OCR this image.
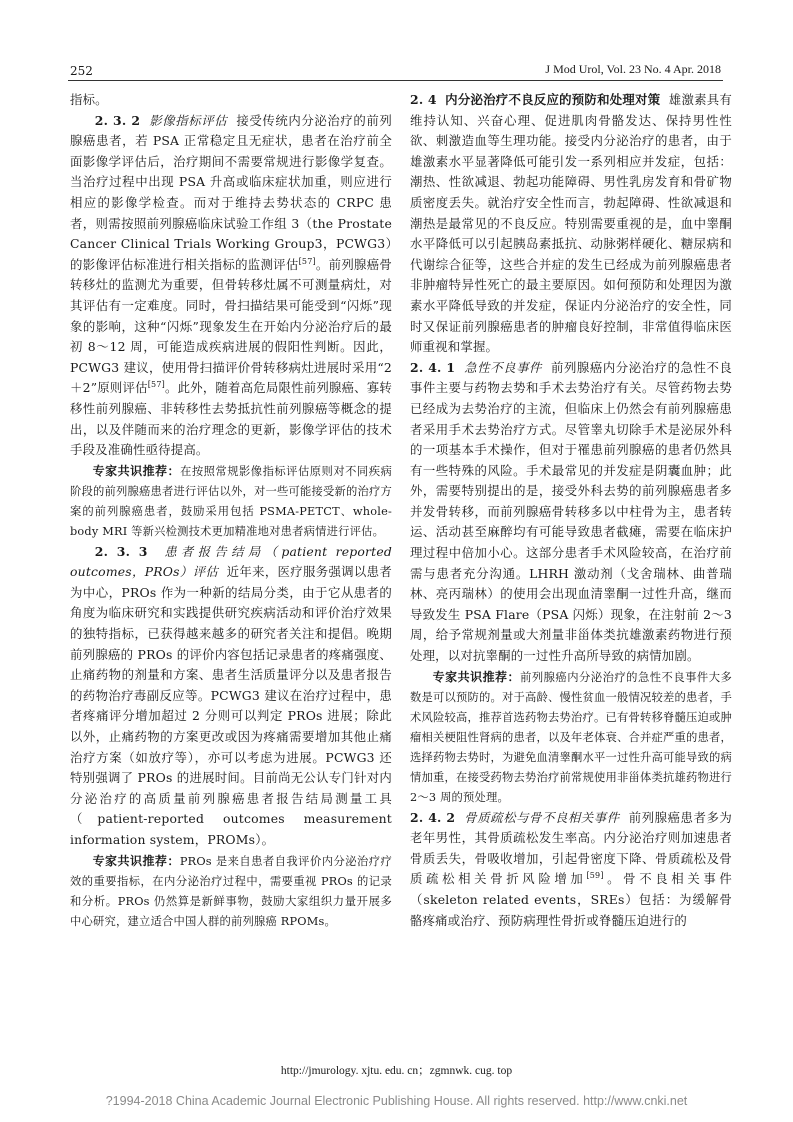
252	J Mod Urol, Vol. 23 No. 4 Apr. 2018

指标。

2. 3. 2 影像指标评估 接受传统内分泌治疗的前列腺癌患者，若 PSA 正常稳定且无症状，患者在治疗前全面影像学评估后，治疗期间不需要常规进行影像学复查。当治疗过程中出现 PSA 升高或临床症状加重，则应进行相应的影像学检查。而对于维持去势状态的 CRPC 患者，则需按照前列腺癌临床试验工作组 3（the Prostate Cancer Clinical Trials Working Group3，PCWG3）的影像评估标准进行相关指标的监测评估[57]。前列腺癌骨转移灶的监测尤为重要，但骨转移灶属不可测量病灶，对其评估有一定难度。同时，骨扫描结果可能受到“闪烁”现象的影响，这种“闪烁”现象发生在开始内分泌治疗后的最初 8～12 周，可能造成疾病进展的假阳性判断。因此，PCWG3 建议，使用骨扫描评价骨转移病灶进展时采用“2＋2”原则评估[57]。此外，随着高危局限性前列腺癌、寡转移性前列腺癌、非转移性去势抵抗性前列腺癌等概念的提出，以及伴随而来的治疗理念的更新，影像学评估的技术手段及准确性亟待提高。

专家共识推荐：在按照常规影像指标评估原则对不同疾病阶段的前列腺癌患者进行评估以外，对一些可能接受新的治疗方案的前列腺癌患者，鼓励采用包括 PSMA-PETCT、whole-body MRI 等新兴检测技术更加精准地对患者病情进行评估。

2. 3. 3 患者报告结局（patient reported outcomes，PROs）评估 近年来，医疗服务强调以患者为中心，PROs 作为一种新的结局分类，由于它从患者的角度为临床研究和实践提供研究疾病活动和评价治疗效果的独特指标，已获得越来越多的研究者关注和提倡。晚期前列腺癌的 PROs 的评价内容包括记录患者的疼痛强度、止痛药物的剂量和方案、患者生活质量评分以及患者报告的药物治疗毒副反应等。PCWG3 建议在治疗过程中，患者疼痛评分增加超过 2 分则可以判定 PROs 进展；除此以外，止痛药物的方案更改或因为疼痛需要增加其他止痛治疗方案（如放疗等），亦可以考虑为进展。PCWG3 还特别强调了 PROs 的进展时间。目前尚无公认专门针对内分泌治疗的高质量前列腺癌患者报告结局测量工具（patient-reported outcomes measurement information system，PROMs）。

专家共识推荐：PROs 是来自患者自我评价内分泌治疗疗效的重要指标，在内分泌治疗过程中，需要重视 PROs 的记录和分析。PROs 仍然算是新鲜事物，鼓励大家组织力量开展多中心研究，建立适合中国人群的前列腺癌 RPOMs。

2. 4 内分泌治疗不良反应的预防和处理对策 雄激素具有维持认知、兴奋心理、促进肌肉骨骼发达、保持男性性欲、刺激造血等生理功能。接受内分泌治疗的患者，由于雄激素水平显著降低可能引发一系列相应并发症，包括：潮热、性欲减退、勃起功能障碍、男性乳房发育和骨矿物质密度丢失。就治疗安全性而言，勃起障碍、性欲减退和潮热是最常见的不良反应。特别需要重视的是，血中睾酮水平降低可以引起胰岛素抵抗、动脉粥样硬化、糖尿病和代谢综合征等，这些合并症的发生已经成为前列腺癌患者非肿瘤特异性死亡的最主要原因。如何预防和处理因为激素水平降低导致的并发症，保证内分泌治疗的安全性，同时又保证前列腺癌患者的肿瘤良好控制，非常值得临床医师重视和掌握。

2. 4. 1 急性不良事件 前列腺癌内分泌治疗的急性不良事件主要与药物去势和手术去势治疗有关。尽管药物去势已经成为去势治疗的主流，但临床上仍然会有前列腺癌患者采用手术去势治疗方式。尽管睾丸切除手术是泌尿外科的一项基本手术操作，但对于罹患前列腺癌的患者仍然具有一些特殊的风险。手术最常见的并发症是阴囊血肿；此外，需要特别提出的是，接受外科去势的前列腺癌患者多并发骨转移，而前列腺癌骨转移多以中柱骨为主，患者转运、活动甚至麻醉均有可能导致患者截瘫，需要在临床护理过程中倍加小心。这部分患者手术风险较高，在治疗前需与患者充分沟通。LHRH 激动剂（戈舍瑞林、曲普瑞林、亮丙瑞林）的使用会出现血清睾酮一过性升高，继而导致发生 PSA Flare（PSA 闪烁）现象，在注射前 2～3 周，给予常规剂量或大剂量非甾体类抗雄激素药物进行预处理，以对抗睾酮的一过性升高所导致的病情加剧。

专家共识推荐：前列腺癌内分泌治疗的急性不良事件大多数是可以预防的。对于高龄、慢性贫血一般情况较差的患者，手术风险较高，推荐首选药物去势治疗。已有骨转移脊髓压迫或肿瘤相关梗阻性肾病的患者，以及年老体衰、合并症严重的患者，选择药物去势时，为避免血清睾酮水平一过性升高可能导致的病情加重，在接受药物去势治疗前常规使用非甾体类抗雄药物进行 2～3 周的预处理。

2. 4. 2 骨质疏松与骨不良相关事件 前列腺癌患者多为老年男性，其骨质疏松发生率高。内分泌治疗则加速患者骨质丢失，骨吸收增加，引起骨密度下降、骨质疏松及骨质疏松相关骨折风险增加[59]。骨不良相关事件（skeleton related events，SREs）包括：为缓解骨骼疼痛或治疗、预防病理性骨折或脊髓压迫进行的

http://jmurology. xjtu. edu. cn；zgmnwk. cug. top
?1994-2018 China Academic Journal Electronic Publishing House. All rights reserved. http://www.cnki.net
